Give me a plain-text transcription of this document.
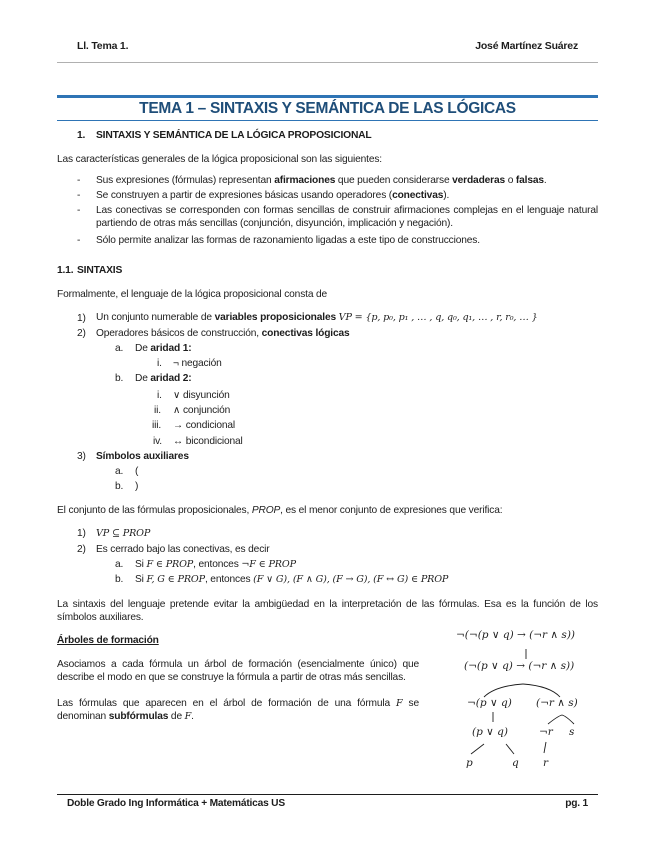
Ll. Tema 1.	José Martínez Suárez
TEMA 1 – SINTAXIS Y SEMÁNTICA DE LAS LÓGICAS
1. SINTAXIS Y SEMÁNTICA DE LA LÓGICA PROPOSICIONAL
Las características generales de la lógica proposicional son las siguientes:
- Sus expresiones (fórmulas) representan afirmaciones que pueden considerarse verdaderas o falsas.
- Se construyen a partir de expresiones básicas usando operadores (conectivas).
- Las conectivas se corresponden con formas sencillas de construir afirmaciones complejas en el lenguaje natural partiendo de otras más sencillas (conjunción, disyunción, implicación y negación).
- Sólo permite analizar las formas de razonamiento ligadas a este tipo de construcciones.
1.1. SINTAXIS
Formalmente, el lenguaje de la lógica proposicional consta de
1) Un conjunto numerable de variables proposicionales VP = {p, p₀, p₁ , … , q, q₀, q₁, … , r, r₀, … }
2) Operadores básicos de construcción, conectivas lógicas
a. De aridad 1:
i. ¬ negación
b. De aridad 2:
i. ∨ disyunción
ii. ∧ conjunción
iii. → condicional
iv. ↔ bicondicional
3) Símbolos auxiliares
a. (
b. )
El conjunto de las fórmulas proposicionales, PROP, es el menor conjunto de expresiones que verifica:
1) VP ⊆ PROP
2) Es cerrado bajo las conectivas, es decir
a. Si F ∈ PROP, entonces ¬F ∈ PROP
b. Si F, G ∈ PROP, entonces (F ∨ G), (F ∧ G), (F → G), (F ↔ G) ∈ PROP
La sintaxis del lenguaje pretende evitar la ambigüedad en la interpretación de las fórmulas. Esa es la función de los símbolos auxiliares.
Árboles de formación
Asociamos a cada fórmula un árbol de formación (esencialmente único) que describe el modo en que se construye la fórmula a partir de otras más sencillas.
Las fórmulas que aparecen en el árbol de formación de una fórmula F se denominan subfórmulas de F.
¬(¬(p ∨ q) → (¬r ∧ s))
(¬(p ∨ q) → (¬r ∧ s))
¬(p ∨ q) (¬r ∧ s)
(p ∨ q)	¬r s
p	q r
Doble Grado Ing Informática + Matemáticas US	pg. 1
